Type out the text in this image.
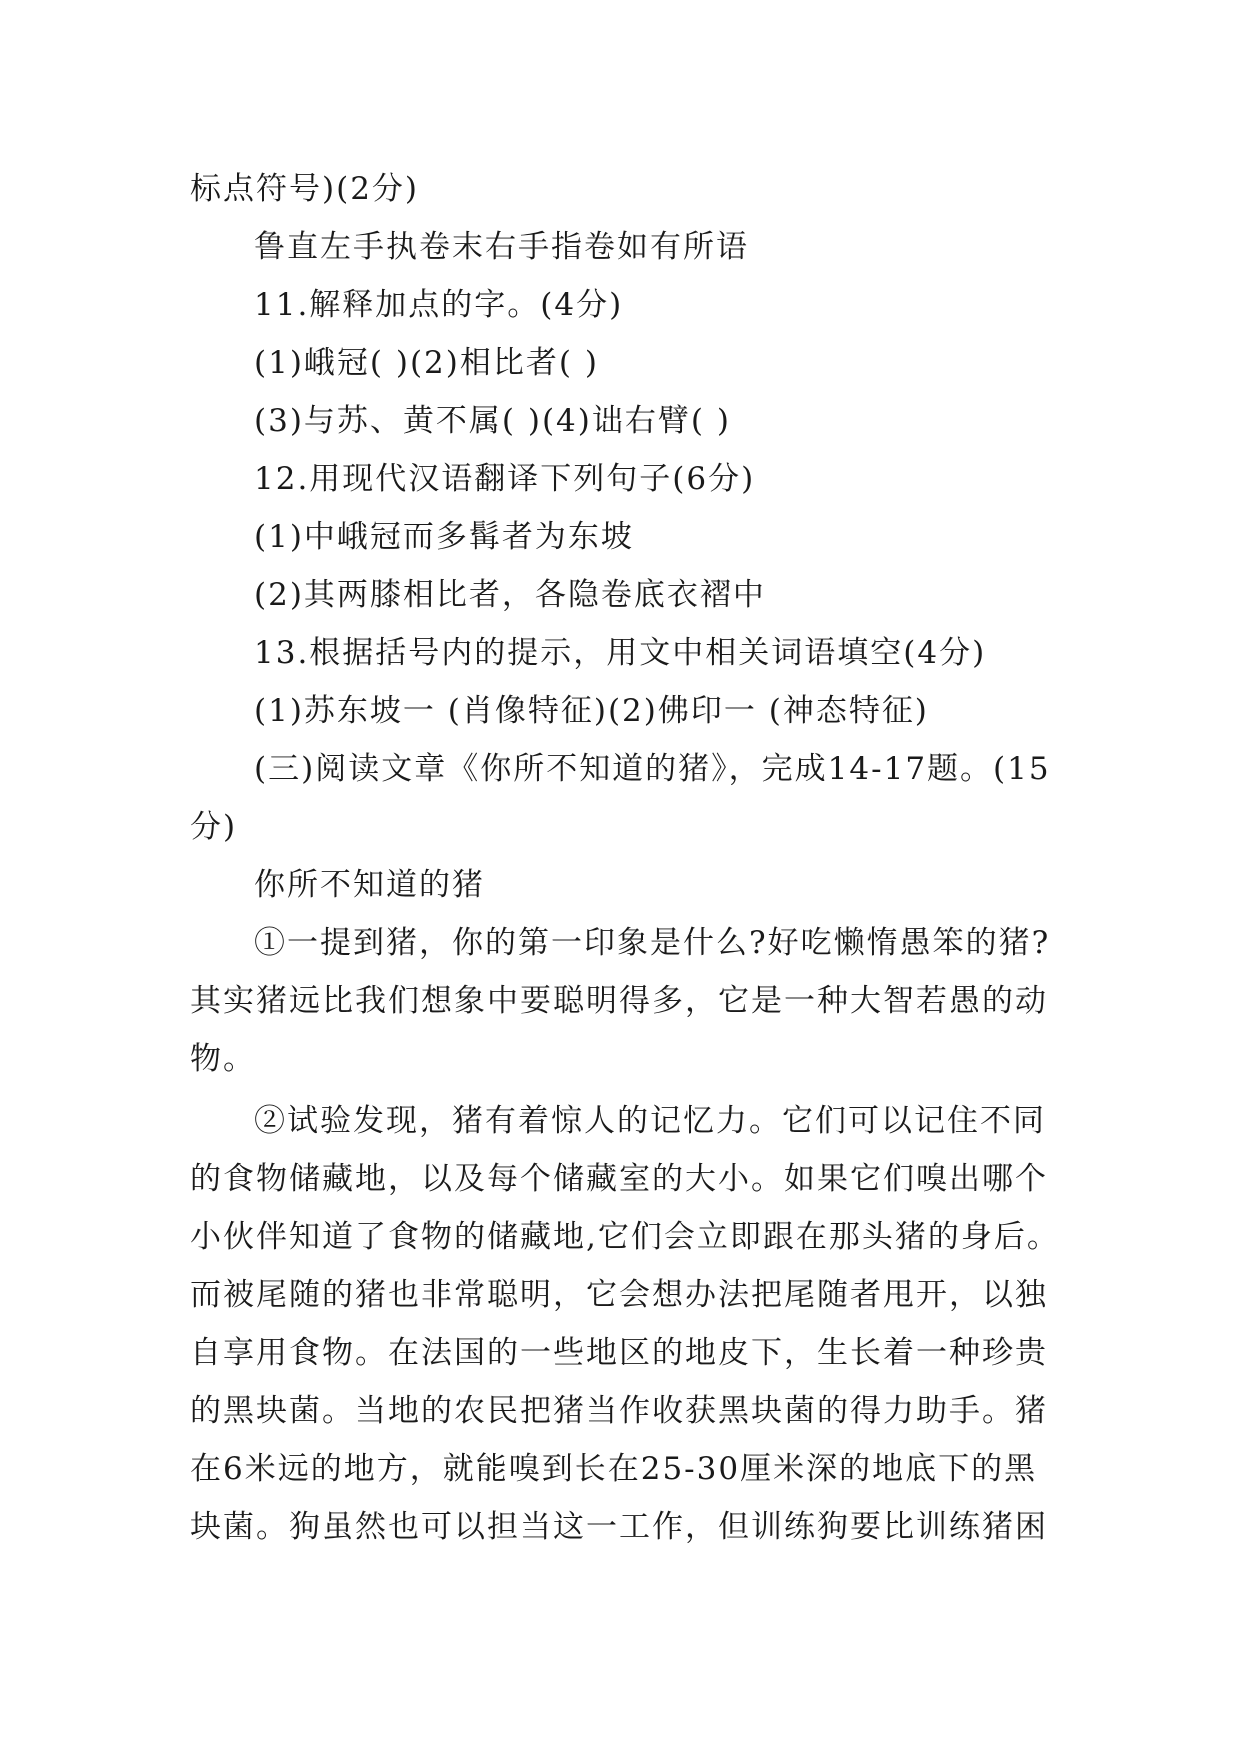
标点符号)(2分)
鲁直左手执卷末右手指卷如有所语
11.解释加点的字。(4分)
(1)峨冠( )(2)相比者( )
(3)与苏、黄不属( )(4)诎右臂( )
12.用现代汉语翻译下列句子(6分)
(1)中峨冠而多髯者为东坡
(2)其两膝相比者，各隐卷底衣褶中
13.根据括号内的提示，用文中相关词语填空(4分)
(1)苏东坡一 (肖像特征)(2)佛印一 (神态特征)
(三)阅读文章《你所不知道的猪》，完成14-17题。(15
分)
你所不知道的猪
①一提到猪，你的第一印象是什么?好吃懒惰愚笨的猪?
其实猪远比我们想象中要聪明得多，它是一种大智若愚的动
物。
②试验发现，猪有着惊人的记忆力。它们可以记住不同
的食物储藏地，以及每个储藏室的大小。如果它们嗅出哪个
小伙伴知道了食物的储藏地,它们会立即跟在那头猪的身后。
而被尾随的猪也非常聪明，它会想办法把尾随者甩开，以独
自享用食物。在法国的一些地区的地皮下，生长着一种珍贵
的黑块菌。当地的农民把猪当作收获黑块菌的得力助手。猪
在6米远的地方，就能嗅到长在25-30厘米深的地底下的黑
块菌。狗虽然也可以担当这一工作，但训练狗要比训练猪困
